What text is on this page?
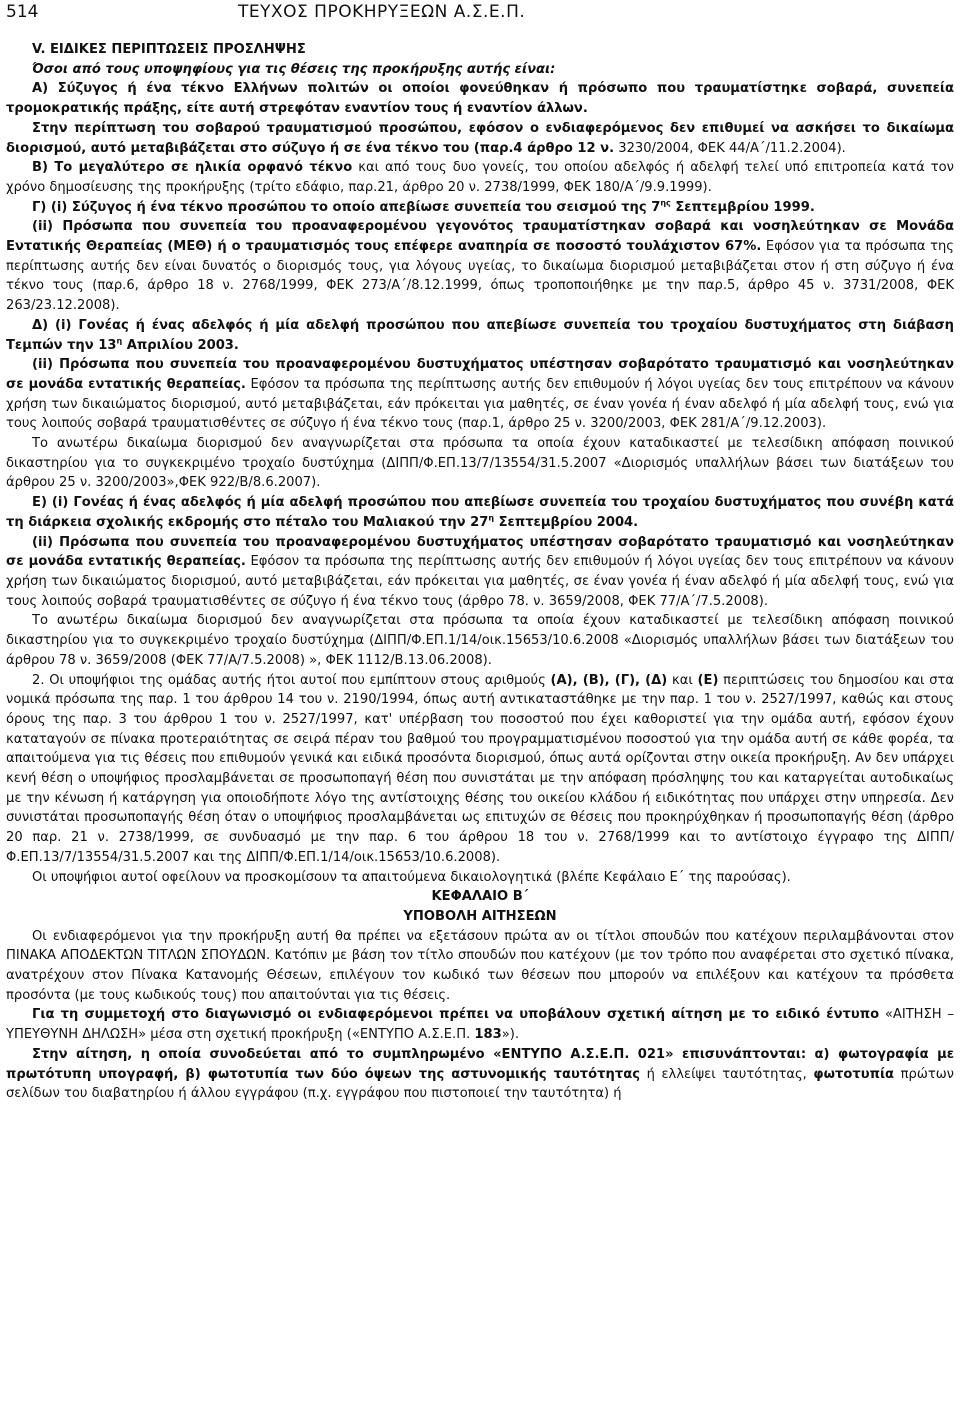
514	ΤΕΥΧΟΣ ΠΡΟΚΗΡΥΞΕΩΝ Α.Σ.Ε.Π.

V. ΕΙΔΙΚΕΣ ΠΕΡΙΠΤΩΣΕΙΣ ΠΡΟΣΛΗΨΗΣ

Όσοι από τους υποψηφίους για τις θέσεις της προκήρυξης αυτής είναι:

Α) Σύζυγος ή ένα τέκνο Ελλήνων πολιτών οι οποίοι φονεύθηκαν ή πρόσωπο που τραυματίστηκε σοβαρά, συνεπεία τρομοκρατικής πράξης, είτε αυτή στρεφόταν εναντίον τους ή εναντίον άλλων.

Στην περίπτωση του σοβαρού τραυματισμού προσώπου, εφόσον ο ενδιαφερόμενος δεν επιθυμεί να ασκήσει το δικαίωμα διορισμού, αυτό μεταβιβάζεται στο σύζυγο ή σε ένα τέκνο του (παρ.4 άρθρο 12 ν. 3230/2004, ΦΕΚ 44/Α΄/11.2.2004).

Β) Το μεγαλύτερο σε ηλικία ορφανό τέκνο και από τους δυο γονείς, του οποίου αδελφός ή αδελφή τελεί υπό επιτροπεία κατά τον χρόνο δημοσίευσης της προκήρυξης (τρίτο εδάφιο, παρ.21, άρθρο 20 ν. 2738/1999, ΦΕΚ 180/Α΄/9.9.1999).

Γ) (i) Σύζυγος ή ένα τέκνο προσώπου το οποίο απεβίωσε συνεπεία του σεισμού της $7^{\eta\varsigma}$ Σεπτεμβρίου 1999.

(ii) Πρόσωπα που συνεπεία του προαναφερομένου γεγονότος τραυματίστηκαν σοβαρά και νοσηλεύτηκαν σε Μονάδα Εντατικής Θεραπείας (ΜΕΘ) ή ο τραυματισμός τους επέφερε αναπηρία σε ποσοστό τουλάχιστον 67%. Εφόσον για τα πρόσωπα της περίπτωσης αυτής δεν είναι δυνατός ο διορισμός τους, για λόγους υγείας, το δικαίωμα διορισμού μεταβιβάζεται στον ή στη σύζυγο ή ένα τέκνο τους (παρ.6, άρθρο 18 ν. 2768/1999, ΦΕΚ 273/Α΄/8.12.1999, όπως τροποποιήθηκε με την παρ.5, άρθρο 45 ν. 3731/2008, ΦΕΚ 263/23.12.2008).

Δ) (i) Γονέας ή ένας αδελφός ή μία αδελφή προσώπου που απεβίωσε συνεπεία του τροχαίου δυστυχήματος στη διάβαση Τεμπών την $13^\eta$ Απριλίου 2003.

(ii) Πρόσωπα που συνεπεία του προαναφερομένου δυστυχήματος υπέστησαν σοβαρότατο τραυματισμό και νοσηλεύτηκαν σε μονάδα εντατικής θεραπείας. Εφόσον τα πρόσωπα της περίπτωσης αυτής δεν επιθυμούν ή λόγοι υγείας δεν τους επιτρέπουν να κάνουν χρήση των δικαιώματος διορισμού, αυτό μεταβιβάζεται, εάν πρόκειται για μαθητές, σε έναν γονέα ή έναν αδελφό ή μία αδελφή τους, ενώ για τους λοιπούς σοβαρά τραυματισθέντες σε σύζυγο ή ένα τέκνο τους (παρ.1, άρθρο 25 ν. 3200/2003, ΦΕΚ 281/Α΄/9.12.2003).

Το ανωτέρω δικαίωμα διορισμού δεν αναγνωρίζεται στα πρόσωπα τα οποία έχουν καταδικαστεί με τελεσίδικη απόφαση ποινικού δικαστηρίου για το συγκεκριμένο τροχαίο δυστύχημα (ΔΙΠΠ/Φ.ΕΠ.13/7/13554/31.5.2007 «Διορισμός υπαλλήλων βάσει των διατάξεων του άρθρου 25 ν. 3200/2003»,ΦΕΚ 922/Β/8.6.2007).

Ε) (i) Γονέας ή ένας αδελφός ή μία αδελφή προσώπου που απεβίωσε συνεπεία του τροχαίου δυστυχήματος που συνέβη κατά τη διάρκεια σχολικής εκδρομής στο πέταλο του Μαλιακού την $27^\eta$ Σεπτεμβρίου 2004.

(ii) Πρόσωπα που συνεπεία του προαναφερομένου δυστυχήματος υπέστησαν σοβαρότατο τραυματισμό και νοσηλεύτηκαν σε μονάδα εντατικής θεραπείας. Εφόσον τα πρόσωπα της περίπτωσης αυτής δεν επιθυμούν ή λόγοι υγείας δεν τους επιτρέπουν να κάνουν χρήση των δικαιώματος διορισμού, αυτό μεταβιβάζεται, εάν πρόκειται για μαθητές, σε έναν γονέα ή έναν αδελφό ή μία αδελφή τους, ενώ για τους λοιπούς σοβαρά τραυματισθέντες σε σύζυγο ή ένα τέκνο τους (άρθρο 78. ν. 3659/2008, ΦΕΚ 77/Α΄/7.5.2008).

Το ανωτέρω δικαίωμα διορισμού δεν αναγνωρίζεται στα πρόσωπα τα οποία έχουν καταδικαστεί με τελεσίδικη απόφαση ποινικού δικαστηρίου για το συγκεκριμένο τροχαίο δυστύχημα (ΔΙΠΠ/Φ.ΕΠ.1/14/οικ.15653/10.6.2008 «Διορισμός υπαλλήλων βάσει των διατάξεων του άρθρου 78 ν. 3659/2008 (ΦΕΚ 77/Α/7.5.2008) », ΦΕΚ 1112/Β.13.06.2008).

2. Οι υποψήφιοι της ομάδας αυτής ήτοι αυτοί που εμπίπτουν στους αριθμούς (Α), (Β), (Γ), (Δ) και (Ε) περιπτώσεις του δημοσίου και στα νομικά πρόσωπα της παρ. 1 του άρθρου 14 του ν. 2190/1994, όπως αυτή αντικαταστάθηκε με την παρ. 1 του ν. 2527/1997, καθώς και στους όρους της παρ. 3 του άρθρου 1 του ν. 2527/1997, κατ' υπέρβαση του ποσοστού που έχει καθοριστεί για την ομάδα αυτή, εφόσον έχουν καταταγούν σε πίνακα προτεραιότητας σε σειρά πέραν του βαθμού του προγραμματισμένου ποσοστού για την ομάδα αυτή σε κάθε φορέα, τα απαιτούμενα για τις θέσεις που επιθυμούν γενικά και ειδικά προσόντα διορισμού, όπως αυτά ορίζονται στην οικεία προκήρυξη. Αν δεν υπάρχει κενή θέση ο υποψήφιος προσλαμβάνεται σε προσωποπαγή θέση που συνιστάται με την απόφαση πρόσληψης του και καταργείται αυτοδικαίως με την κένωση ή κατάργηση για οποιοδήποτε λόγο της αντίστοιχης θέσης του οικείου κλάδου ή ειδικότητας που υπάρχει στην υπηρεσία. Δεν συνιστάται προσωποπαγής θέση όταν ο υποψήφιος προσλαμβάνεται ως επιτυχών σε θέσεις που προκηρύχθηκαν ή προσωποπαγής θέση (άρθρο 20 παρ. 21 ν. 2738/1999, σε συνδυασμό με την παρ. 6 του άρθρου 18 του ν. 2768/1999 και το αντίστοιχο έγγραφο της ΔΙΠΠ/Φ.ΕΠ.13/7/13554/31.5.2007 και της ΔΙΠΠ/Φ.ΕΠ.1/14/οικ.15653/10.6.2008).

Οι υποψήφιοι αυτοί οφείλουν να προσκομίσουν τα απαιτούμενα δικαιολογητικά (βλέπε Κεφάλαιο Ε΄ της παρούσας).

ΚΕΦΑΛΑΙΟ Β΄

ΥΠΟΒΟΛΗ ΑΙΤΗΣΕΩΝ

Οι ενδιαφερόμενοι για την προκήρυξη αυτή θα πρέπει να εξετάσουν πρώτα αν οι τίτλοι σπουδών που κατέχουν περιλαμβάνονται στον ΠΙΝΑΚΑ ΑΠΟΔΕΚΤΩΝ ΤΙΤΛΩΝ ΣΠΟΥΔΩΝ. Κατόπιν με βάση τον τίτλο σπουδών που κατέχουν (με τον τρόπο που αναφέρεται στο σχετικό πίνακα, ανατρέχουν στον Πίνακα Κατανομής Θέσεων, επιλέγουν τον κωδικό των θέσεων που μπορούν να επιλέξουν και κατέχουν τα πρόσθετα προσόντα (με τους κωδικούς τους) που απαιτούνται για τις θέσεις.

Για τη συμμετοχή στο διαγωνισμό οι ενδιαφερόμενοι πρέπει να υποβάλουν σχετική αίτηση με το ειδικό έντυπο «ΑΙΤΗΣΗ – ΥΠΕΥΘΥΝΗ ΔΗΛΩΣΗ» μέσα στη σχετική προκήρυξη («ΕΝΤΥΠΟ Α.Σ.Ε.Π. 183»).

Στην αίτηση, η οποία συνοδεύεται από το συμπληρωμένο «ΕΝΤΥΠΟ Α.Σ.Ε.Π. 021» επισυνάπτονται: α) φωτογραφία με πρωτότυπη υπογραφή, β) φωτοτυπία των δύο όψεων της αστυνομικής ταυτότητας ή ελλείψει ταυτότητας, φωτοτυπία πρώτων σελίδων του διαβατηρίου ή άλλου εγγράφου (π.χ. εγγράφου που πιστοποιεί την ταυτότητα) ή
